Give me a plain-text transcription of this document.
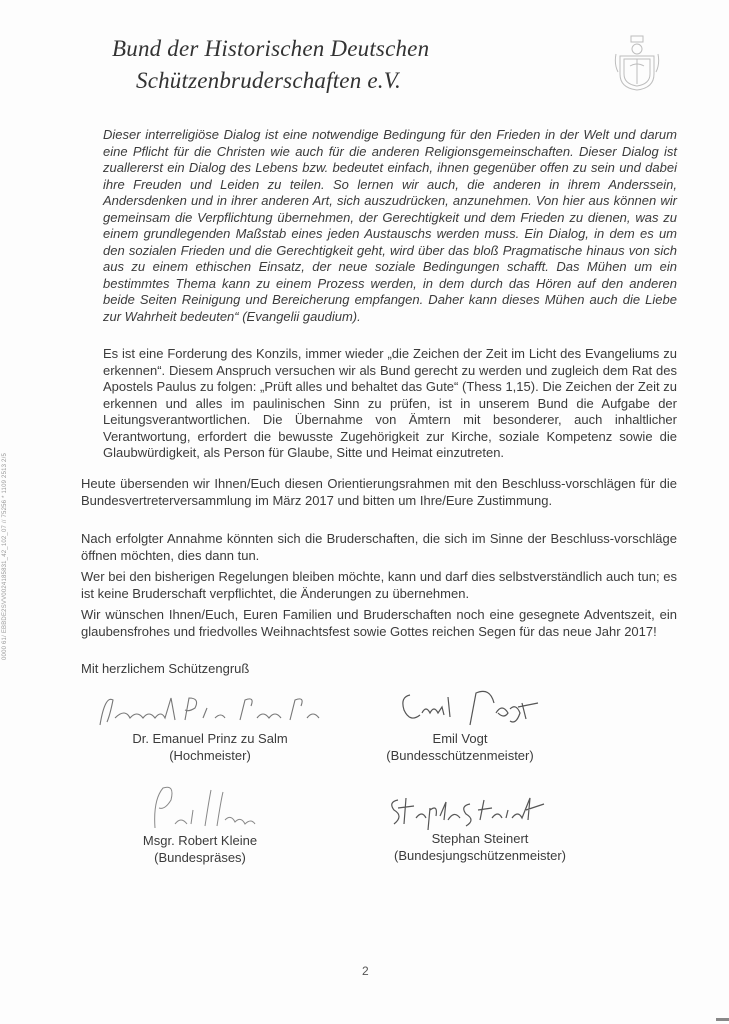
Bund der Historischen Deutschen
Schützenbruderschaften e.V.
0000 61/ EBBDE2SVV0024185831_42_102_07 // 75256 * 1109 2513 2/5

Dieser interreligiöse Dialog ist eine notwendige Bedingung für den Frieden in der Welt und darum eine Pflicht für die Christen wie auch für die anderen Religionsgemeinschaften. Dieser Dialog ist zuallererst ein Dialog des Lebens bzw. bedeutet einfach, ihnen gegenüber offen zu sein und dabei ihre Freuden und Leiden zu teilen. So lernen wir auch, die anderen in ihrem Anderssein, Andersdenken und in ihrer anderen Art, sich auszudrücken, anzunehmen. Von hier aus können wir gemeinsam die Verpflichtung übernehmen, der Gerechtigkeit und dem Frieden zu dienen, was zu einem grundlegenden Maßstab eines jeden Austauschs werden muss. Ein Dialog, in dem es um den sozialen Frieden und die Gerechtigkeit geht, wird über das bloß Pragmatische hinaus von sich aus zu einem ethischen Einsatz, der neue soziale Bedingungen schafft. Das Mühen um ein bestimmtes Thema kann zu einem Prozess werden, in dem durch das Hören auf den anderen beide Seiten Reinigung und Bereicherung empfangen. Daher kann dieses Mühen auch die Liebe zur Wahrheit bedeuten“ (Evangelii gaudium).

Es ist eine Forderung des Konzils, immer wieder „die Zeichen der Zeit im Licht des Evangeliums zu erkennen“. Diesem Anspruch versuchen wir als Bund gerecht zu werden und zugleich dem Rat des Apostels Paulus zu folgen: „Prüft alles und behaltet das Gute“ (Thess 1,15). Die Zeichen der Zeit zu erkennen und alles im paulinischen Sinn zu prüfen, ist in unserem Bund die Aufgabe der Leitungsverantwortlichen. Die Übernahme von Ämtern mit besonderer, auch inhaltlicher Verantwortung, erfordert die bewusste Zugehörigkeit zur Kirche, soziale Kompetenz sowie die Glaubwürdigkeit, als Person für Glaube, Sitte und Heimat einzutreten.

Heute übersenden wir Ihnen/Euch diesen Orientierungsrahmen mit den Beschluss-vorschlägen für die Bundesvertreterversammlung im März 2017 und bitten um Ihre/Eure Zustimmung.

Nach erfolgter Annahme könnten sich die Bruderschaften, die sich im Sinne der Beschluss-vorschläge öffnen möchten, dies dann tun.

Wer bei den bisherigen Regelungen bleiben möchte, kann und darf dies selbstverständlich auch tun; es ist keine Bruderschaft verpflichtet, die Änderungen zu übernehmen.

Wir wünschen Ihnen/Euch, Euren Familien und Bruderschaften noch eine gesegnete Adventszeit, ein glaubensfrohes und friedvolles Weihnachtsfest sowie Gottes reichen Segen für das neue Jahr 2017!

Mit herzlichem Schützengruß

Dr. Emanuel Prinz zu Salm
(Hochmeister)
Emil Vogt
(Bundesschützenmeister)
Msgr. Robert Kleine
(Bundespräses)
Stephan Steinert
(Bundesjungschützenmeister)
2
